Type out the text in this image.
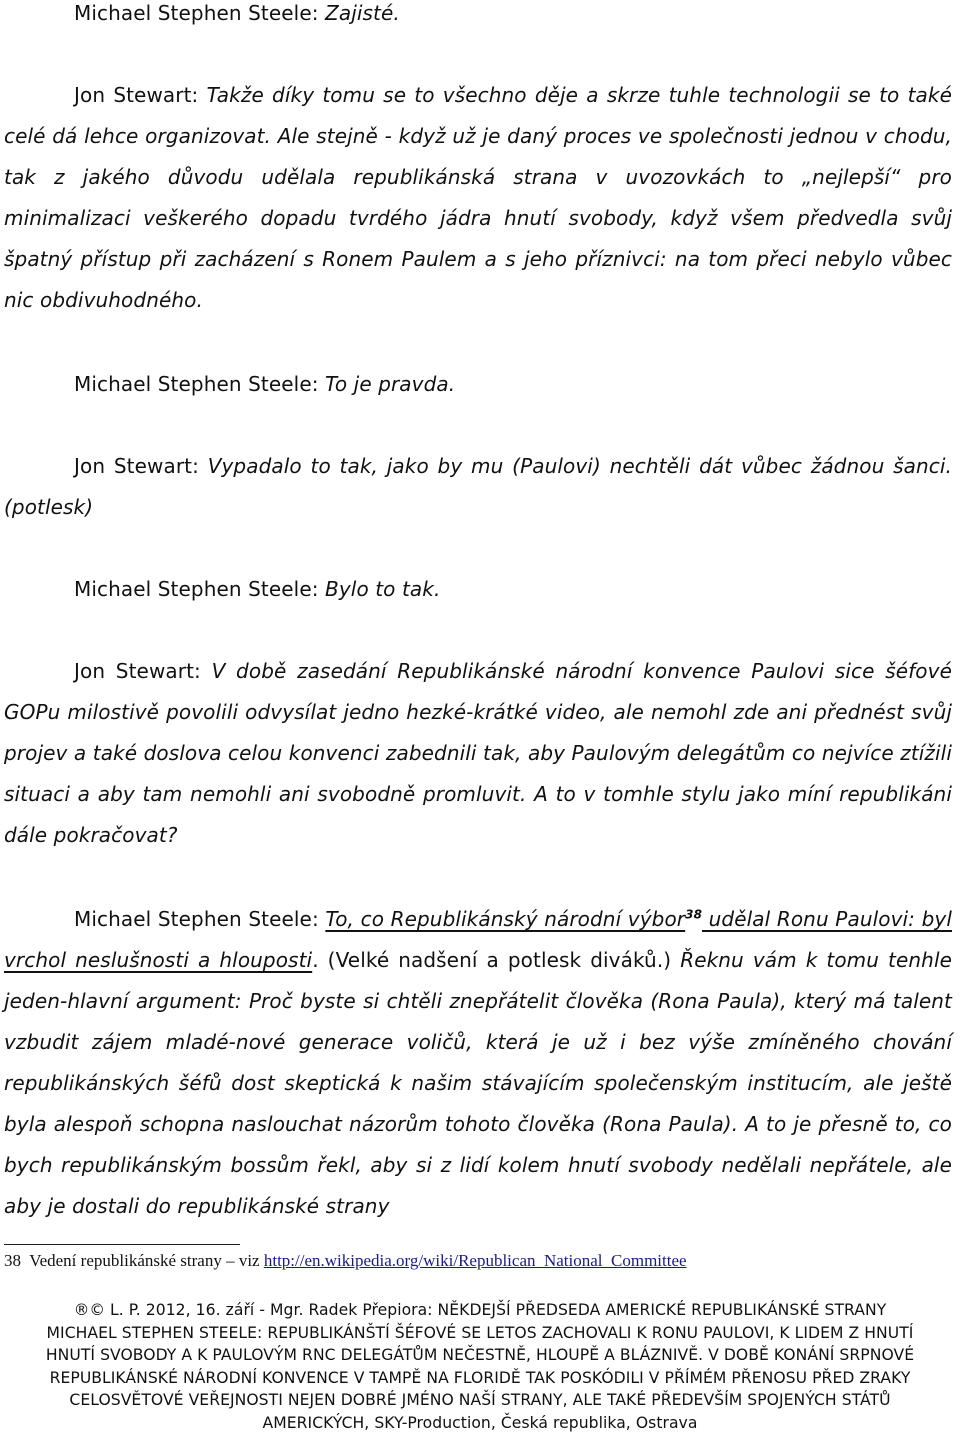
Michael Stephen Steele: Zajisté.

Jon Stewart: Takže díky tomu se to všechno děje a skrze tuhle technologii se to také celé dá lehce organizovat. Ale stejně - když už je daný proces ve společnosti jednou v chodu, tak z jakého důvodu udělala republikánská strana v uvozovkách to „nejlepší“ pro minimalizaci veškerého dopadu tvrdého jádra hnutí svobody, když všem předvedla svůj špatný přístup při zacházení s Ronem Paulem a s jeho příznivci: na tom přeci nebylo vůbec nic obdivuhodného.

Michael Stephen Steele: To je pravda.

Jon Stewart: Vypadalo to tak, jako by mu (Paulovi) nechtěli dát vůbec žádnou šanci. (potlesk)

Michael Stephen Steele: Bylo to tak.

Jon Stewart: V době zasedání Republikánské národní konvence Paulovi sice šéfové GOPu milostivě povolili odvysílat jedno hezké-krátké video, ale nemohl zde ani přednést svůj projev a také doslova celou konvenci zabednili tak, aby Paulovým delegátům co nejvíce ztížili situaci a aby tam nemohli ani svobodně promluvit. A to v tomhle stylu jako míní republikáni dále pokračovat?

Michael Stephen Steele: To, co Republikánský národní výbor$^{38}$ udělal Ronu Paulovi: byl vrchol neslušnosti a hlouposti. (Velké nadšení a potlesk diváků.) Řeknu vám k tomu tenhle jeden-hlavní argument: Proč byste si chtěli znepřátelit člověka (Rona Paula), který má talent vzbudit zájem mladé-nové generace voličů, která je už i bez výše zmíněného chování republikánských šéfů dost skeptická k našim stávajícím společenským institucím, ale ještě byla alespoň schopna naslouchat názorům tohoto člověka (Rona Paula). A to je přesně to, co bych republikánským bossům řekl, aby si z lidí kolem hnutí svobody nedělali nepřátele, ale aby je dostali do republikánské strany

38 Vedení republikánské strany – viz http://en.wikipedia.org/wiki/Republican_National_Committee
®© L. P. 2012, 16. září - Mgr. Radek Přepiora: NĚKDEJŠÍ PŘEDSEDA AMERICKÉ REPUBLIKÁNSKÉ STRANY
MICHAEL STEPHEN STEELE: REPUBLIKÁNŠTÍ ŠÉFOVÉ SE LETOS ZACHOVALI K RONU PAULOVI, K LIDEM Z HNUTÍ
HNUTÍ SVOBODY A K PAULOVÝM RNC DELEGÁTŮM NEČESTNĚ, HLOUPĚ A BLÁZNIVĚ. V DOBĚ KONÁNÍ SRPNOVÉ
REPUBLIKÁNSKÉ NÁRODNÍ KONVENCE V TAMPĚ NA FLORIDĚ TAK POSKÓDILI V PŘÍMÉM PŘENOSU PŘED ZRAKY
CELOSVĚTOVÉ VEŘEJNOSTI NEJEN DOBRÉ JMÉNO NAŠÍ STRANY, ALE TAKÉ PŘEDEVŠÍM SPOJENÝCH STÁTŮ
AMERICKÝCH, SKY-Production, Česká republika, Ostrava
